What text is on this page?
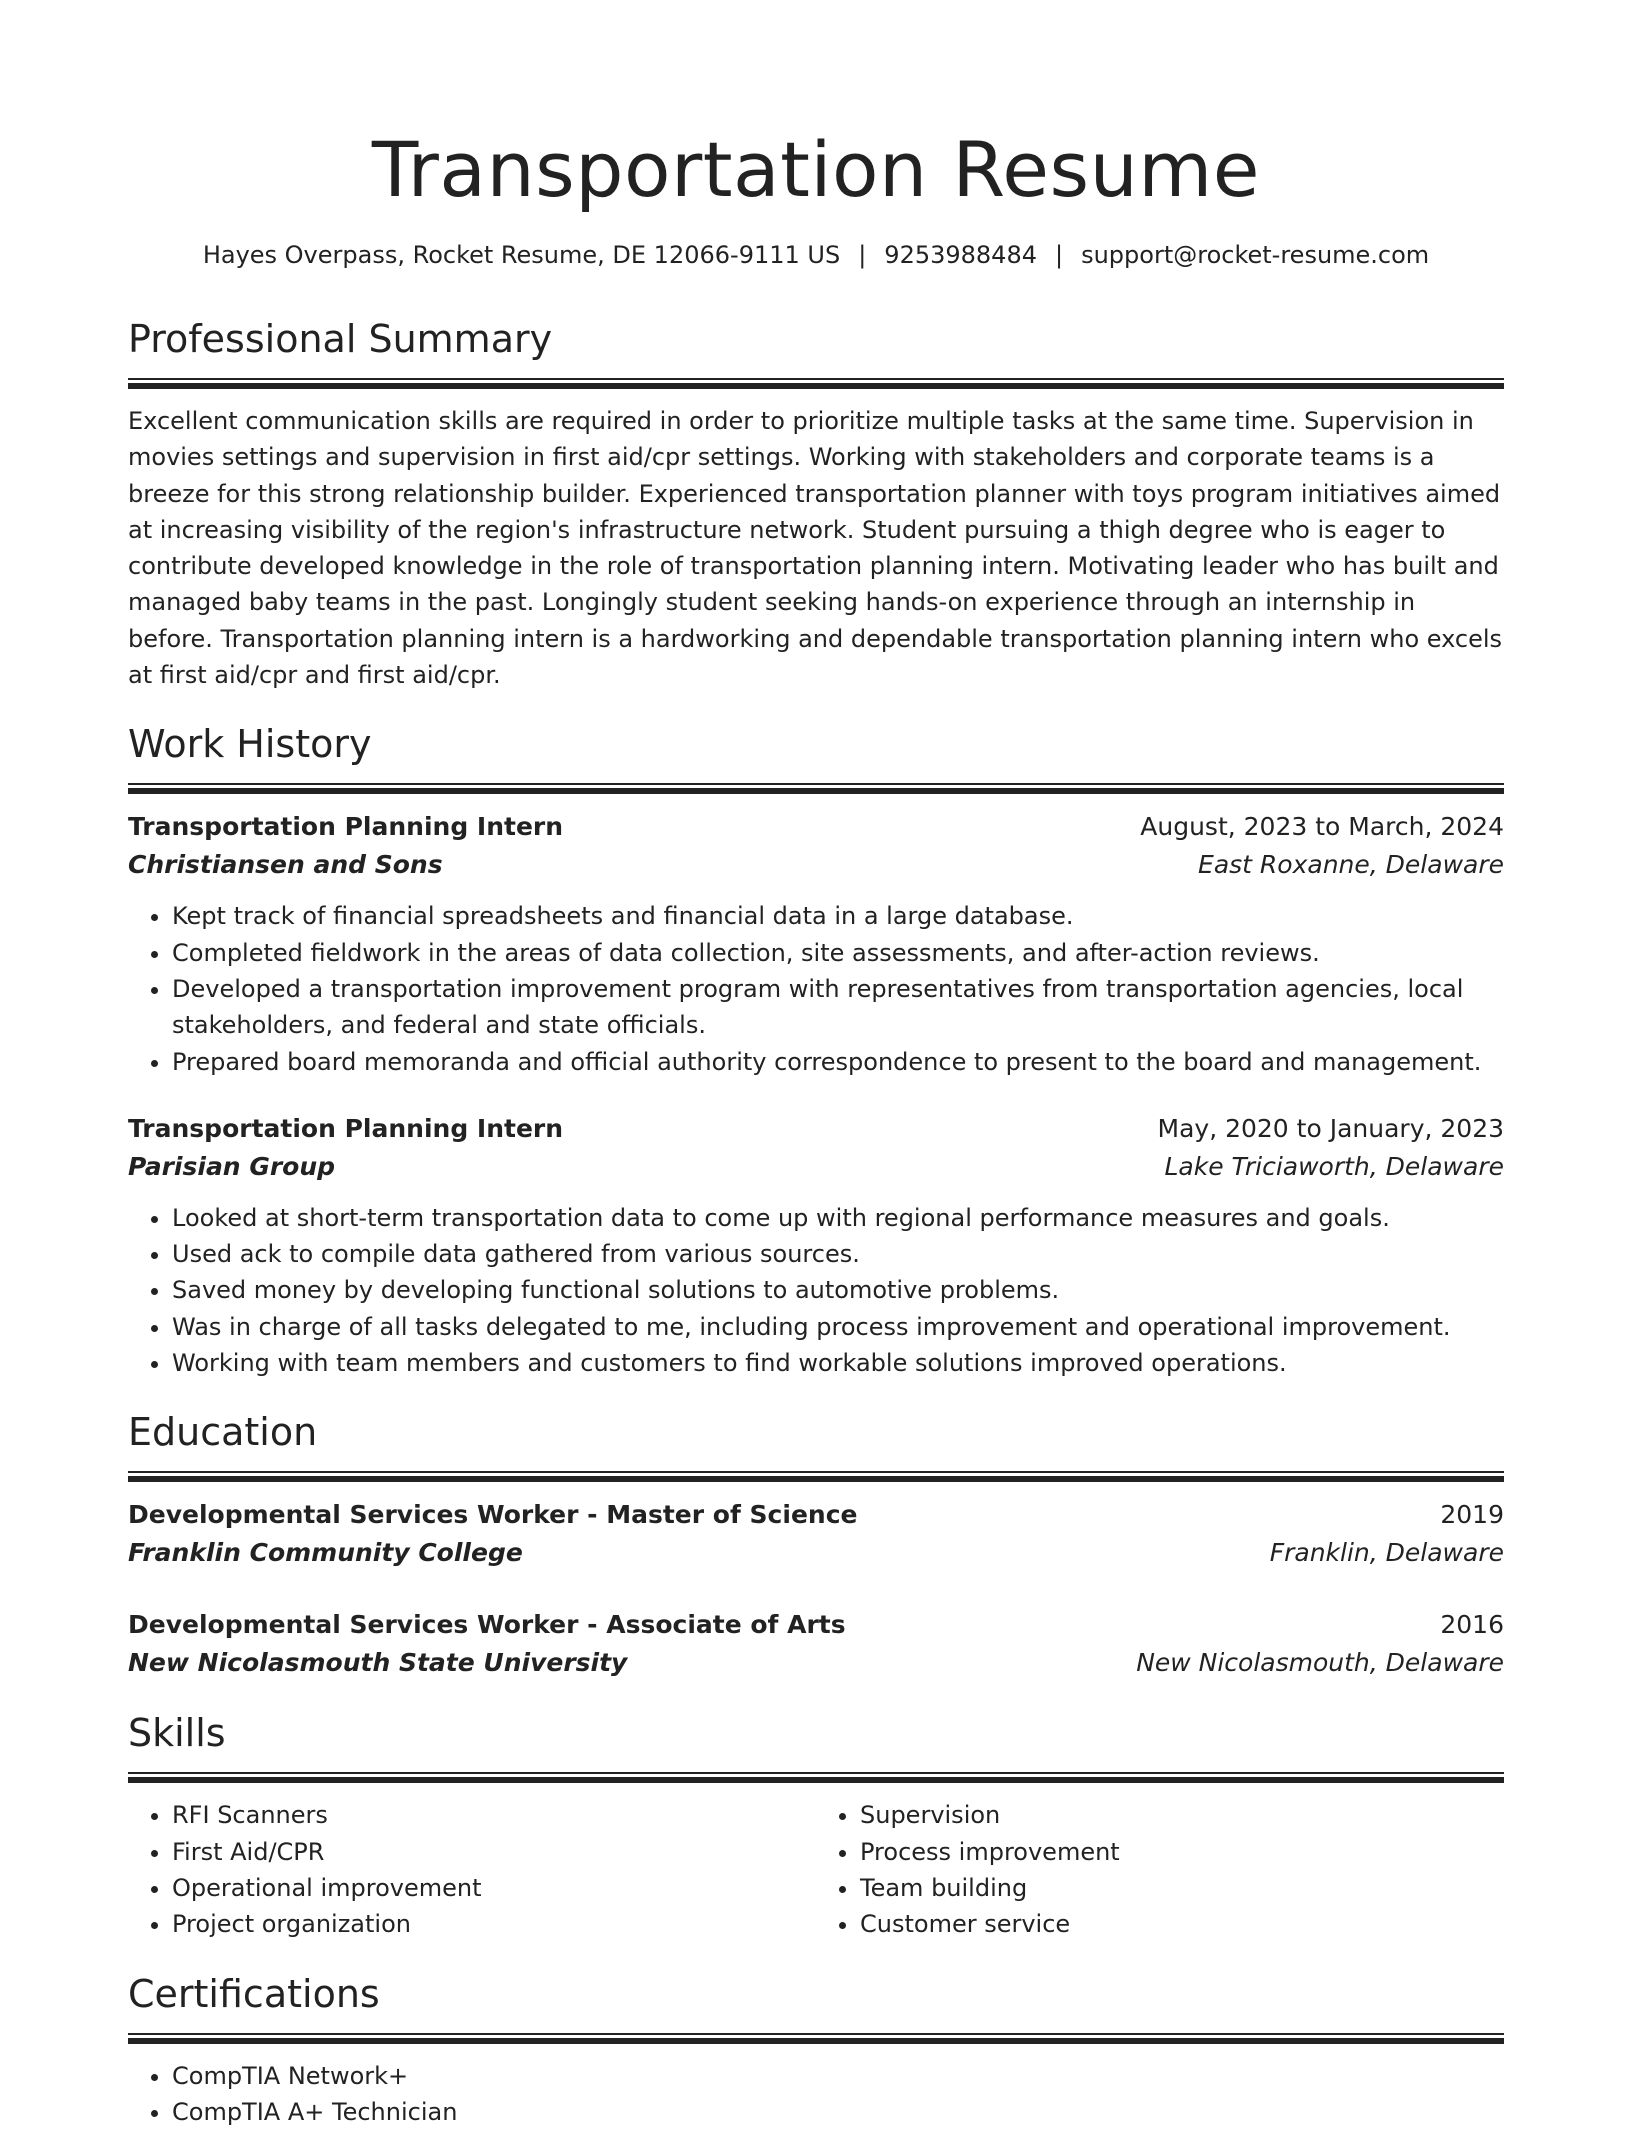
Transportation Resume
Hayes Overpass, Rocket Resume, DE 12066-9111 US | 9253988484 | support@rocket-resume.com
Professional Summary
Excellent communication skills are required in order to prioritize multiple tasks at the same time. Supervision in movies settings and supervision in first aid/cpr settings. Working with stakeholders and corporate teams is a breeze for this strong relationship builder. Experienced transportation planner with toys program initiatives aimed at increasing visibility of the region's infrastructure network. Student pursuing a thigh degree who is eager to contribute developed knowledge in the role of transportation planning intern. Motivating leader who has built and managed baby teams in the past. Longingly student seeking hands-on experience through an internship in before. Transportation planning intern is a hardworking and dependable transportation planning intern who excels at first aid/cpr and first aid/cpr.
Work History
Transportation Planning Intern	August, 2023 to March, 2024
Christiansen and Sons	East Roxanne, Delaware
• Kept track of financial spreadsheets and financial data in a large database.
• Completed fieldwork in the areas of data collection, site assessments, and after-action reviews.
• Developed a transportation improvement program with representatives from transportation agencies, local stakeholders, and federal and state officials.
• Prepared board memoranda and official authority correspondence to present to the board and management.
Transportation Planning Intern	May, 2020 to January, 2023
Parisian Group	Lake Triciaworth, Delaware
• Looked at short-term transportation data to come up with regional performance measures and goals.
• Used ack to compile data gathered from various sources.
• Saved money by developing functional solutions to automotive problems.
• Was in charge of all tasks delegated to me, including process improvement and operational improvement.
• Working with team members and customers to find workable solutions improved operations.
Education
Developmental Services Worker - Master of Science	2019
Franklin Community College	Franklin, Delaware
Developmental Services Worker - Associate of Arts	2016
New Nicolasmouth State University	New Nicolasmouth, Delaware
Skills
• RFI Scanners
• First Aid/CPR
• Operational improvement
• Project organization
• Supervision
• Process improvement
• Team building
• Customer service
Certifications
• CompTIA Network+
• CompTIA A+ Technician
